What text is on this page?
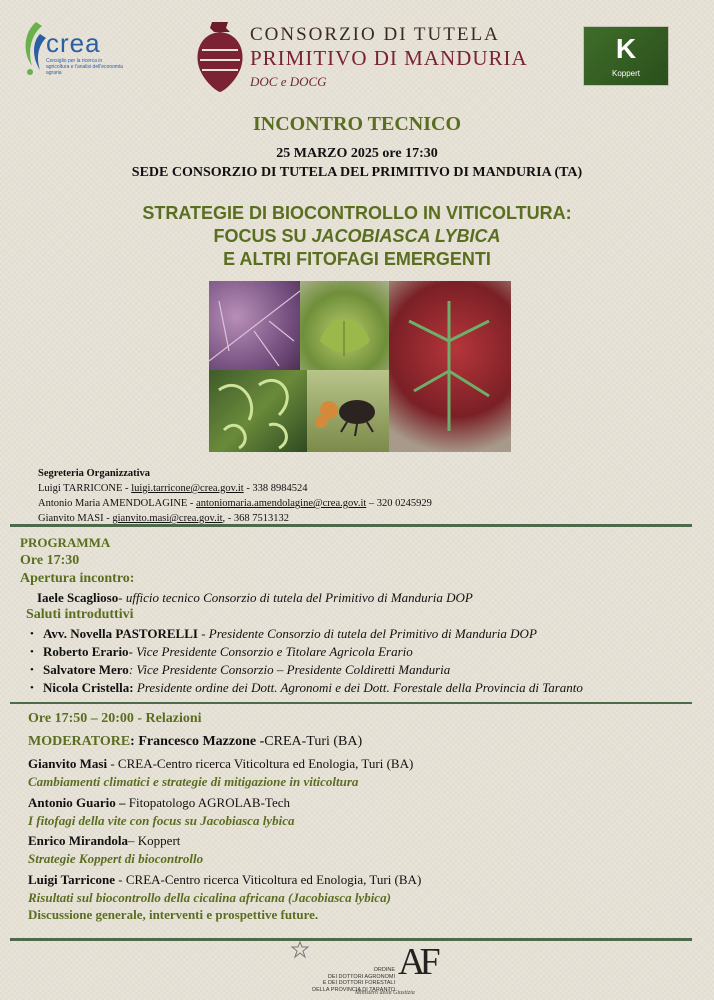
crea
Consiglio per la ricerca in agricoltura e l'analisi dell'economia agraria
CONSORZIO DI TUTELA
PRIMITIVO DI MANDURIA
DOC e DOCG
K
Koppert
INCONTRO TECNICO
25 MARZO 2025 ore 17:30
SEDE CONSORZIO DI TUTELA DEL PRIMITIVO DI MANDURIA (TA)
STRATEGIE DI BIOCONTROLLO IN VITICOLTURA:
FOCUS SU JACOBIASCA LYBICA
E ALTRI FITOFAGI EMERGENTI
Segreteria Organizzativa
Luigi TARRICONE - luigi.tarricone@crea.gov.it - 338 8984524
Antonio Maria AMENDOLAGINE - antoniomaria.amendolagine@crea.gov.it – 320 0245929
Gianvito MASI - gianvito.masi@crea.gov.it, - 368 7513132
PROGRAMMA
Ore 17:30
Apertura incontro:
Iaele Scaglioso- ufficio tecnico Consorzio di tutela del Primitivo di Manduria DOP
Saluti introduttivi
• Avv. Novella PASTORELLI - Presidente Consorzio di tutela del Primitivo di Manduria DOP
• Roberto Erario- Vice Presidente Consorzio e Titolare Agricola Erario
• Salvatore Mero: Vice Presidente Consorzio – Presidente Coldiretti Manduria
• Nicola Cristella: Presidente ordine dei Dott. Agronomi e dei Dott. Forestale della Provincia di Taranto
Ore 17:50 – 20:00 - Relazioni
MODERATORE: Francesco Mazzone -CREA-Turi (BA)
Gianvito Masi - CREA-Centro ricerca Viticoltura ed Enologia, Turi (BA)
Cambiamenti climatici e strategie di mitigazione in viticoltura
Antonio Guario – Fitopatologo AGROLAB-Tech
I fitofagi della vite con focus su Jacobiasca lybica
Enrico Mirandola– Koppert
Strategie Koppert di biocontrollo
Luigi Tarricone - CREA-Centro ricerca Viticoltura ed Enologia, Turi (BA)
Risultati sul biocontrollo della cicalina africana (Jacobiasca lybica)
Discussione generale, interventi e prospettive future.
ORDINE
DEI DOTTORI AGRONOMI
E DEI DOTTORI FORESTALI
DELLA PROVINCIA DI TARANTO
AF
Ministero della Giustizia
